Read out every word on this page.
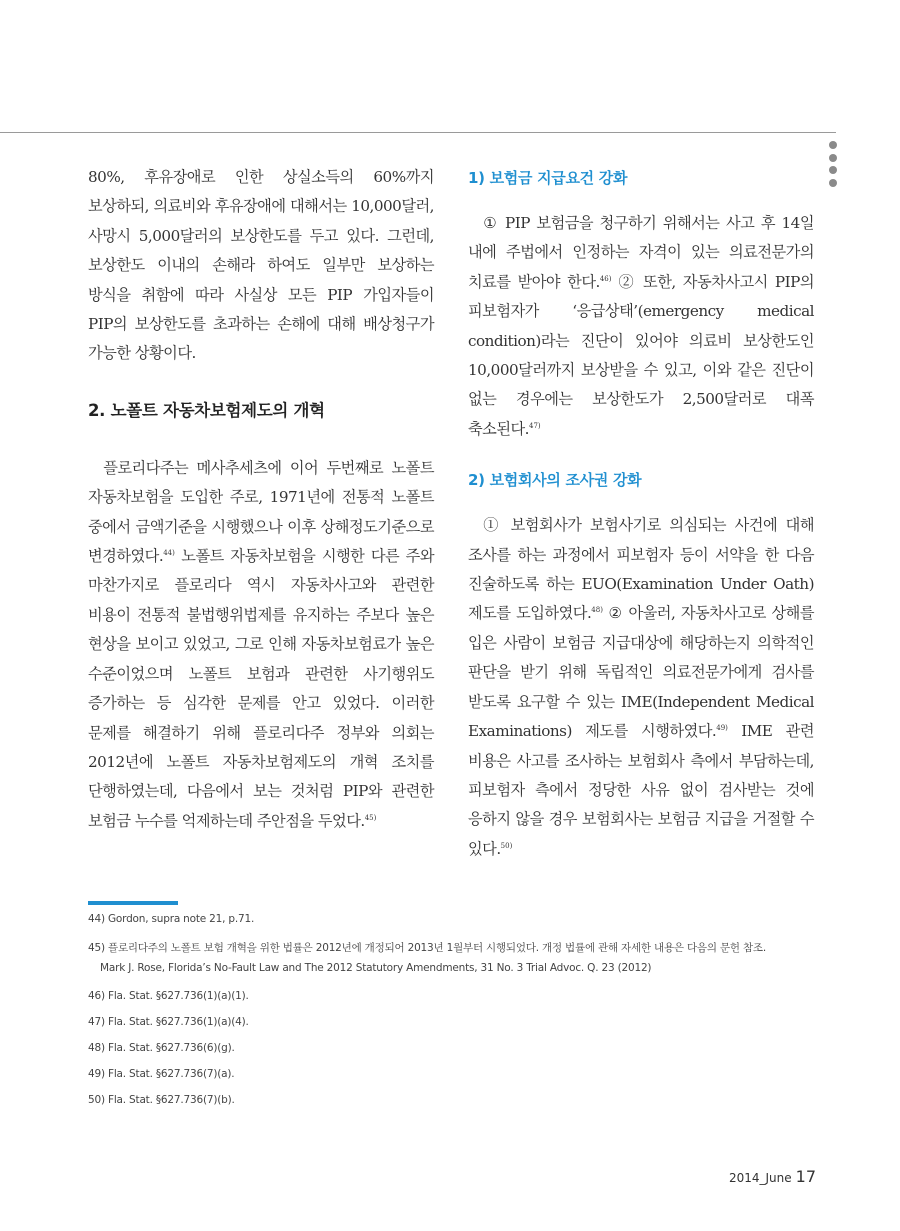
80%, 후유장애로 인한 상실소득의 60%까지 보상하되, 의료비와 후유장애에 대해서는 10,000달러, 사망시 5,000달러의 보상한도를 두고 있다. 그런데, 보상한도 이내의 손해라 하여도 일부만 보상하는 방식을 취함에 따라 사실상 모든 PIP 가입자들이 PIP의 보상한도를 초과하는 손해에 대해 배상청구가 가능한 상황이다.

2. 노폴트 자동차보험제도의 개혁

플로리다주는 메사추세츠에 이어 두번째로 노폴트 자동차보험을 도입한 주로, 1971년에 전통적 노폴트 중에서 금액기준을 시행했으나 이후 상해정도기준으로 변경하였다.$^{44)}$ 노폴트 자동차보험을 시행한 다른 주와 마찬가지로 플로리다 역시 자동차사고와 관련한 비용이 전통적 불법행위법제를 유지하는 주보다 높은 현상을 보이고 있었고, 그로 인해 자동차보험료가 높은 수준이었으며 노폴트 보험과 관련한 사기행위도 증가하는 등 심각한 문제를 안고 있었다. 이러한 문제를 해결하기 위해 플로리다주 정부와 의회는 2012년에 노폴트 자동차보험제도의 개혁 조치를 단행하였는데, 다음에서 보는 것처럼 PIP와 관련한 보험금 누수를 억제하는데 주안점을 두었다.$^{45)}$

1) 보험금 지급요건 강화

① PIP 보험금을 청구하기 위해서는 사고 후 14일 내에 주법에서 인정하는 자격이 있는 의료전문가의 치료를 받아야 한다.$^{46)}$ ② 또한, 자동차사고시 PIP의 피보험자가 ‘응급상태’(emergency medical condition)라는 진단이 있어야 의료비 보상한도인 10,000달러까지 보상받을 수 있고, 이와 같은 진단이 없는 경우에는 보상한도가 2,500달러로 대폭 축소된다.$^{47)}$

2) 보험회사의 조사권 강화

① 보험회사가 보험사기로 의심되는 사건에 대해 조사를 하는 과정에서 피보험자 등이 서약을 한 다음 진술하도록 하는 EUO(Examination Under Oath) 제도를 도입하였다.$^{48)}$ ② 아울러, 자동차사고로 상해를 입은 사람이 보험금 지급대상에 해당하는지 의학적인 판단을 받기 위해 독립적인 의료전문가에게 검사를 받도록 요구할 수 있는 IME(Independent Medical Examinations) 제도를 시행하였다.$^{49)}$ IME 관련 비용은 사고를 조사하는 보험회사 측에서 부담하는데, 피보험자 측에서 정당한 사유 없이 검사받는 것에 응하지 않을 경우 보험회사는 보험금 지급을 거절할 수 있다.$^{50)}$

44) Gordon, supra note 21, p.71.

45) 플로리다주의 노폴트 보험 개혁을 위한 법률은 2012년에 개정되어 2013년 1월부터 시행되었다. 개정 법률에 관해 자세한 내용은 다음의 문헌 참조.
Mark J. Rose, Florida’s No-Fault Law and The 2012 Statutory Amendments, 31 No. 3 Trial Advoc. Q. 23 (2012)

46) Fla. Stat. §627.736(1)(a)(1).

47) Fla. Stat. §627.736(1)(a)(4).

48) Fla. Stat. §627.736(6)(g).

49) Fla. Stat. §627.736(7)(a).

50) Fla. Stat. §627.736(7)(b).

2014_June 17
